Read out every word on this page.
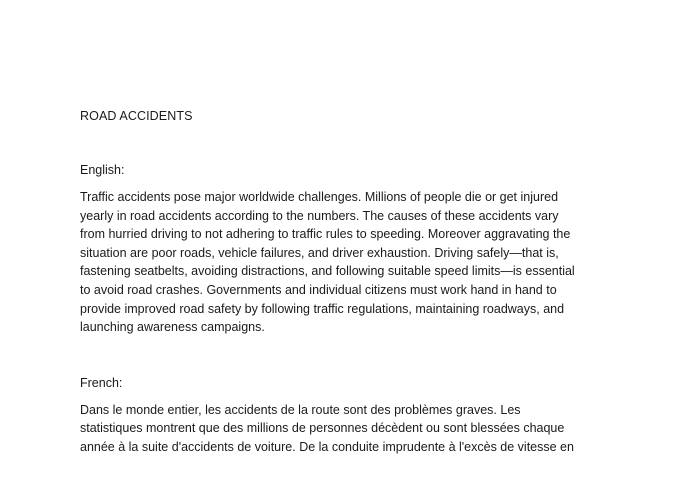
ROAD ACCIDENTS
English:
Traffic accidents pose major worldwide challenges. Millions of people die or get injured
yearly in road accidents according to the numbers. The causes of these accidents vary
from hurried driving to not adhering to traffic rules to speeding. Moreover aggravating the
situation are poor roads, vehicle failures, and driver exhaustion. Driving safely—that is,
fastening seatbelts, avoiding distractions, and following suitable speed limits—is essential
to avoid road crashes. Governments and individual citizens must work hand in hand to
provide improved road safety by following traffic regulations, maintaining roadways, and
launching awareness campaigns.
French:
Dans le monde entier, les accidents de la route sont des problèmes graves. Les
statistiques montrent que des millions de personnes décèdent ou sont blessées chaque
année à la suite d'accidents de voiture. De la conduite imprudente à l'excès de vitesse en
